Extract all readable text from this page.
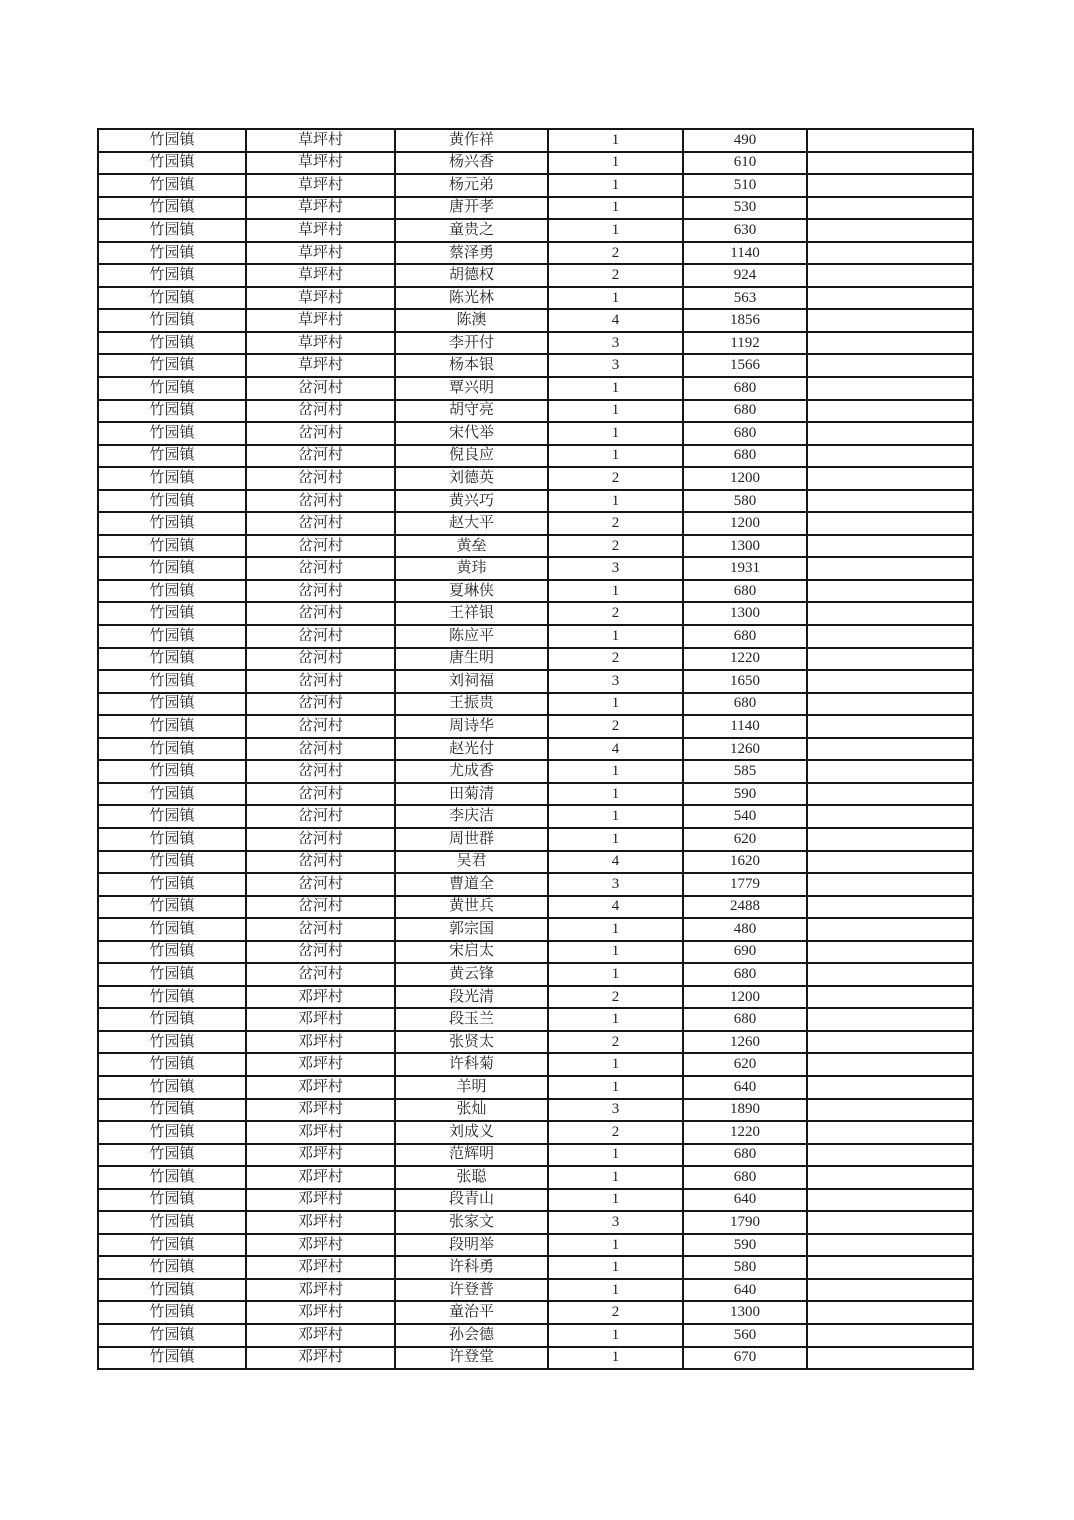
竹园镇	草坪村	黄作祥	1	490	
竹园镇	草坪村	杨兴香	1	610	
竹园镇	草坪村	杨元弟	1	510	
竹园镇	草坪村	唐开孝	1	530	
竹园镇	草坪村	童贵之	1	630	
竹园镇	草坪村	蔡泽勇	2	1140	
竹园镇	草坪村	胡德权	2	924	
竹园镇	草坪村	陈光林	1	563	
竹园镇	草坪村	陈澳	4	1856	
竹园镇	草坪村	李开付	3	1192	
竹园镇	草坪村	杨本银	3	1566	
竹园镇	岔河村	覃兴明	1	680	
竹园镇	岔河村	胡守亮	1	680	
竹园镇	岔河村	宋代举	1	680	
竹园镇	岔河村	倪良应	1	680	
竹园镇	岔河村	刘德英	2	1200	
竹园镇	岔河村	黄兴巧	1	580	
竹园镇	岔河村	赵大平	2	1200	
竹园镇	岔河村	黄垒	2	1300	
竹园镇	岔河村	黄玮	3	1931	
竹园镇	岔河村	夏琳侠	1	680	
竹园镇	岔河村	王祥银	2	1300	
竹园镇	岔河村	陈应平	1	680	
竹园镇	岔河村	唐生明	2	1220	
竹园镇	岔河村	刘祠福	3	1650	
竹园镇	岔河村	王振贵	1	680	
竹园镇	岔河村	周诗华	2	1140	
竹园镇	岔河村	赵光付	4	1260	
竹园镇	岔河村	尤成香	1	585	
竹园镇	岔河村	田菊清	1	590	
竹园镇	岔河村	李庆洁	1	540	
竹园镇	岔河村	周世群	1	620	
竹园镇	岔河村	吴君	4	1620	
竹园镇	岔河村	曹道全	3	1779	
竹园镇	岔河村	黄世兵	4	2488	
竹园镇	岔河村	郭宗国	1	480	
竹园镇	岔河村	宋启太	1	690	
竹园镇	岔河村	黄云锋	1	680	
竹园镇	邓坪村	段光清	2	1200	
竹园镇	邓坪村	段玉兰	1	680	
竹园镇	邓坪村	张贤太	2	1260	
竹园镇	邓坪村	许科菊	1	620	
竹园镇	邓坪村	羊明	1	640	
竹园镇	邓坪村	张灿	3	1890	
竹园镇	邓坪村	刘成义	2	1220	
竹园镇	邓坪村	范辉明	1	680	
竹园镇	邓坪村	张聪	1	680	
竹园镇	邓坪村	段青山	1	640	
竹园镇	邓坪村	张家文	3	1790	
竹园镇	邓坪村	段明举	1	590	
竹园镇	邓坪村	许科勇	1	580	
竹园镇	邓坪村	许登普	1	640	
竹园镇	邓坪村	童治平	2	1300	
竹园镇	邓坪村	孙会德	1	560	
竹园镇	邓坪村	许登堂	1	670	
